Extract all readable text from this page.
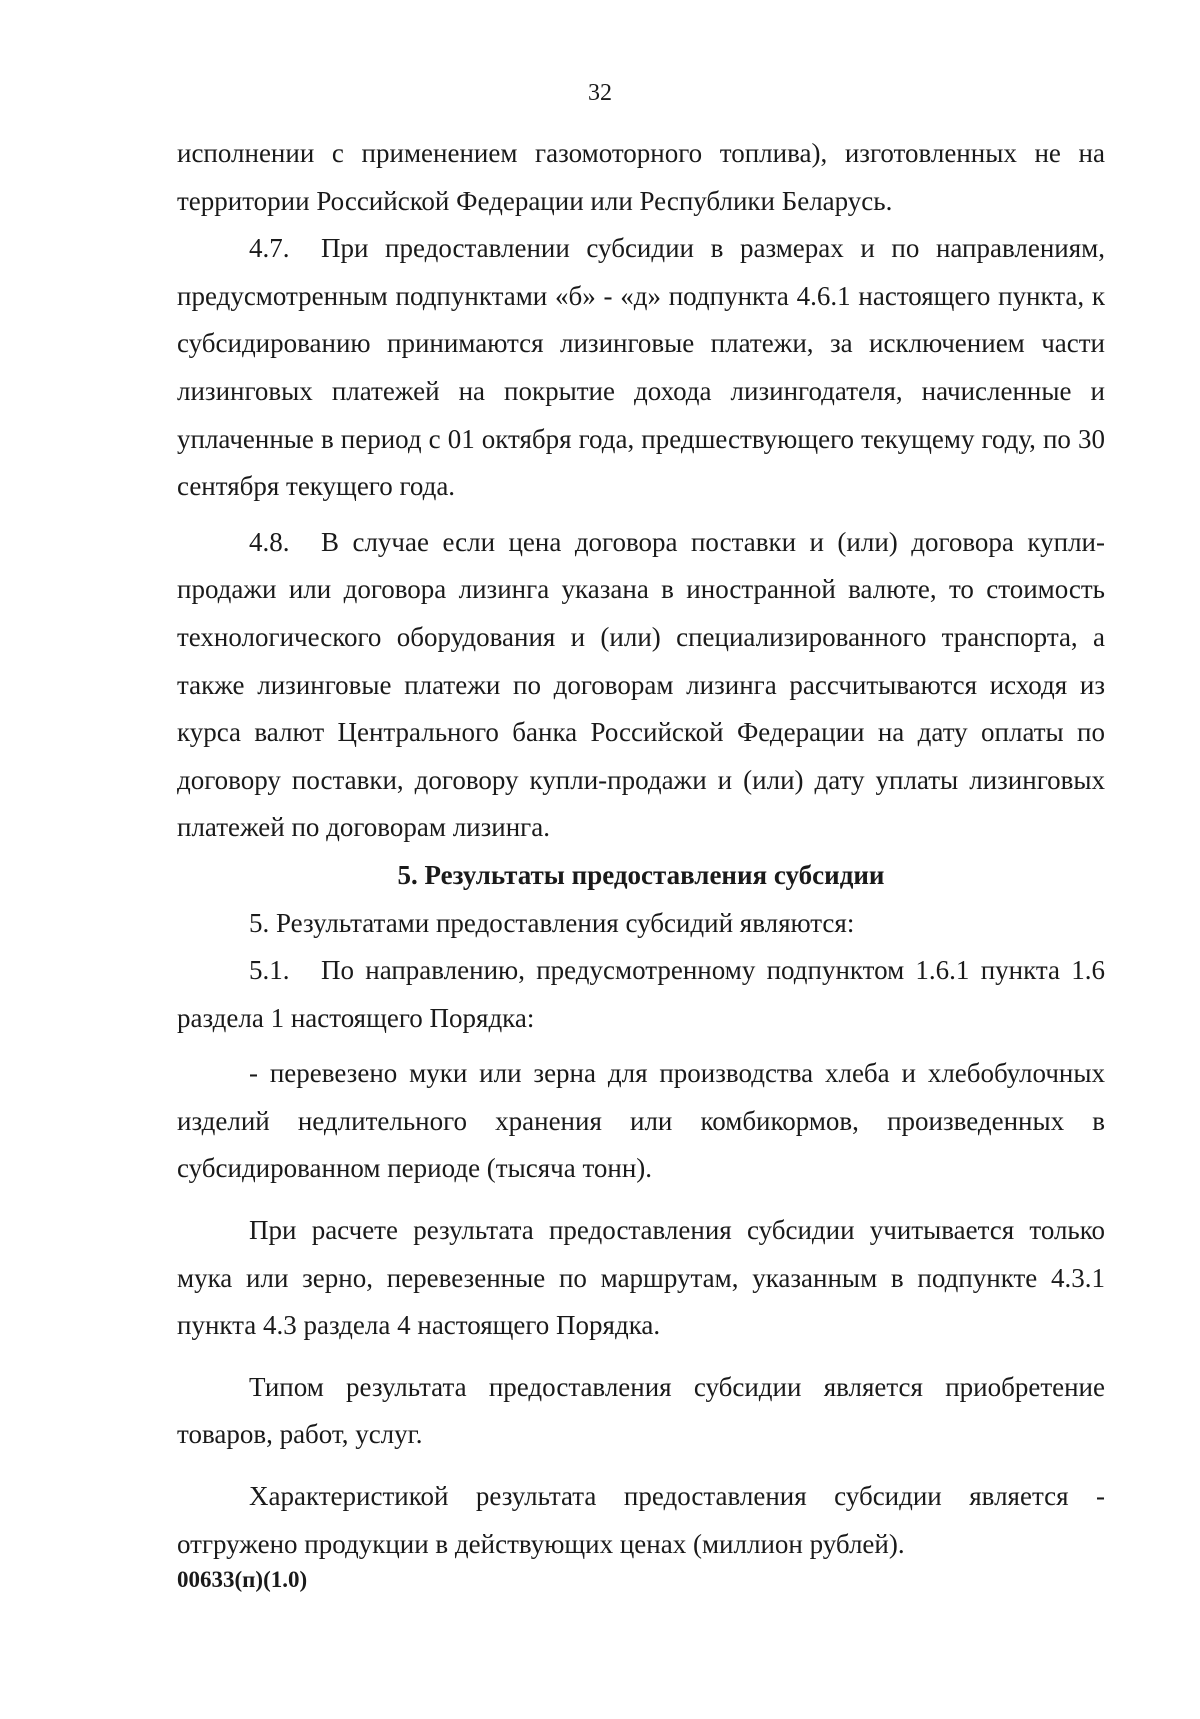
32

исполнении с применением газомоторного топлива), изготовленных не на территории Российской Федерации или Республики Беларусь.

4.7. При предоставлении субсидии в размерах и по направлениям, предусмотренным подпунктами «б» - «д» подпункта 4.6.1 настоящего пункта, к субсидированию принимаются лизинговые платежи, за исключением части лизинговых платежей на покрытие дохода лизингодателя, начисленные и уплаченные в период с 01 октября года, предшествующего текущему году, по 30 сентября текущего года.

4.8. В случае если цена договора поставки и (или) договора купли-продажи или договора лизинга указана в иностранной валюте, то стоимость технологического оборудования и (или) специализированного транспорта, а также лизинговые платежи по договорам лизинга рассчитываются исходя из курса валют Центрального банка Российской Федерации на дату оплаты по договору поставки, договору купли-продажи и (или) дату уплаты лизинговых платежей по договорам лизинга.

5. Результаты предоставления субсидии

5. Результатами предоставления субсидий являются:

5.1. По направлению, предусмотренному подпунктом 1.6.1 пункта 1.6 раздела 1 настоящего Порядка:

- перевезено муки или зерна для производства хлеба и хлебобулочных изделий недлительного хранения или комбикормов, произведенных в субсидированном периоде (тысяча тонн).

При расчете результата предоставления субсидии учитывается только мука или зерно, перевезенные по маршрутам, указанным в подпункте 4.3.1 пункта 4.3 раздела 4 настоящего Порядка.

Типом результата предоставления субсидии является приобретение товаров, работ, услуг.

Характеристикой результата предоставления субсидии является - отгружено продукции в действующих ценах (миллион рублей).

00633(п)(1.0)
